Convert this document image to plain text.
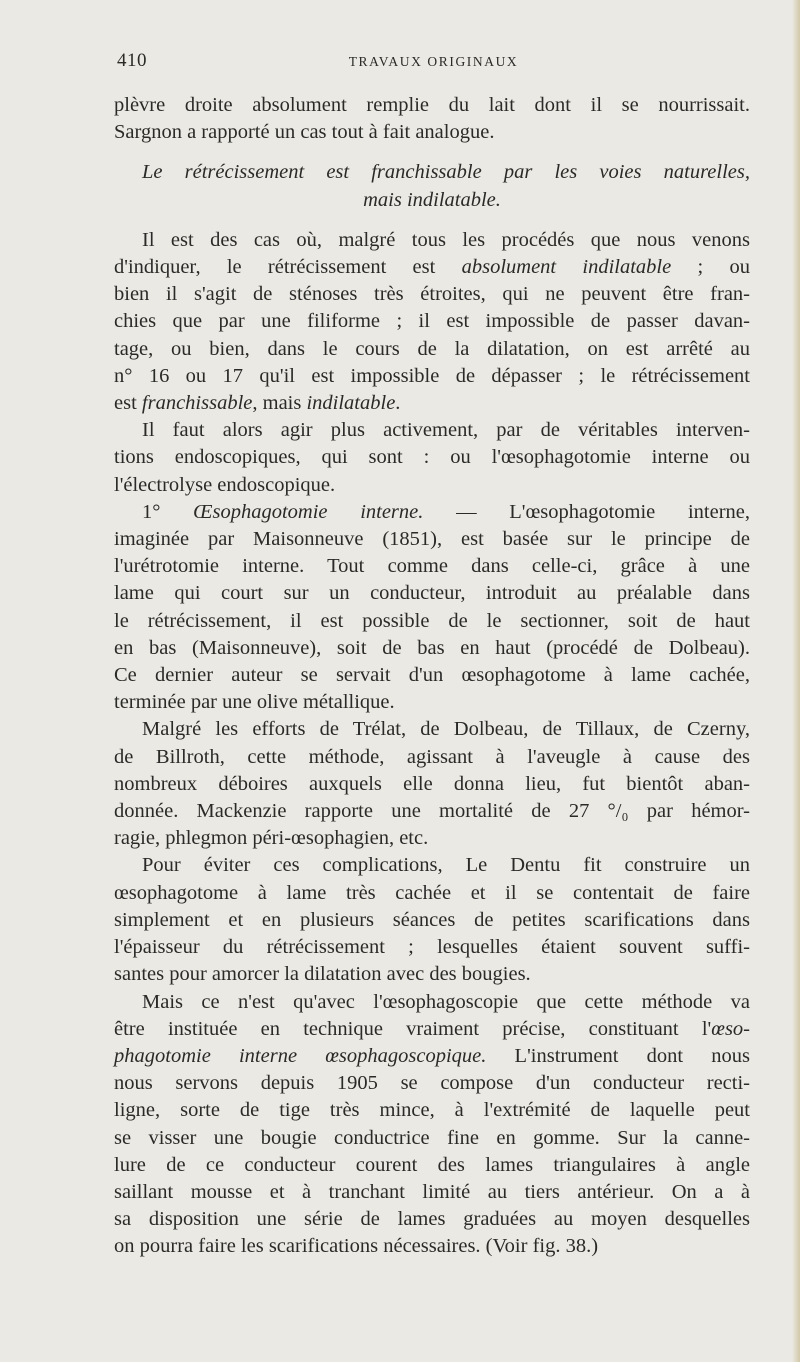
410	TRAVAUX ORIGINAUX
plèvre droite absolument remplie du lait dont il se nourrissait.
Sargnon a rapporté un cas tout à fait analogue.
Le rétrécissement est franchissable par les voies naturelles,
mais indilatable.
Il est des cas où, malgré tous les procédés que nous venons
d'indiquer, le rétrécissement est absolument indilatable ; ou
bien il s'agit de sténoses très étroites, qui ne peuvent être fran-
chies que par une filiforme ; il est impossible de passer davan-
tage, ou bien, dans le cours de la dilatation, on est arrêté au
n° 16 ou 17 qu'il est impossible de dépasser ; le rétrécissement
est franchissable, mais indilatable.
Il faut alors agir plus activement, par de véritables interven-
tions endoscopiques, qui sont : ou l'œsophagotomie interne ou
l'électrolyse endoscopique.
1° Œsophagotomie interne. — L'œsophagotomie interne,
imaginée par Maisonneuve (1851), est basée sur le principe de
l'urétrotomie interne. Tout comme dans celle-ci, grâce à une
lame qui court sur un conducteur, introduit au préalable dans
le rétrécissement, il est possible de le sectionner, soit de haut
en bas (Maisonneuve), soit de bas en haut (procédé de Dolbeau).
Ce dernier auteur se servait d'un œsophagotome à lame cachée,
terminée par une olive métallique.
Malgré les efforts de Trélat, de Dolbeau, de Tillaux, de Czerny,
de Billroth, cette méthode, agissant à l'aveugle à cause des
nombreux déboires auxquels elle donna lieu, fut bientôt aban-
donnée. Mackenzie rapporte une mortalité de 27 °/₀ par hémor-
ragie, phlegmon péri-œsophagien, etc.
Pour éviter ces complications, Le Dentu fit construire un
œsophagotome à lame très cachée et il se contentait de faire
simplement et en plusieurs séances de petites scarifications dans
l'épaisseur du rétrécissement ; lesquelles étaient souvent suffi-
santes pour amorcer la dilatation avec des bougies.
Mais ce n'est qu'avec l'œsophagoscopie que cette méthode va
être instituée en technique vraiment précise, constituant l'œso-
phagotomie interne œsophagoscopique. L'instrument dont nous
nous servons depuis 1905 se compose d'un conducteur recti-
ligne, sorte de tige très mince, à l'extrémité de laquelle peut
se visser une bougie conductrice fine en gomme. Sur la canne-
lure de ce conducteur courent des lames triangulaires à angle
saillant mousse et à tranchant limité au tiers antérieur. On a à
sa disposition une série de lames graduées au moyen desquelles
on pourra faire les scarifications nécessaires. (Voir fig. 38.)
